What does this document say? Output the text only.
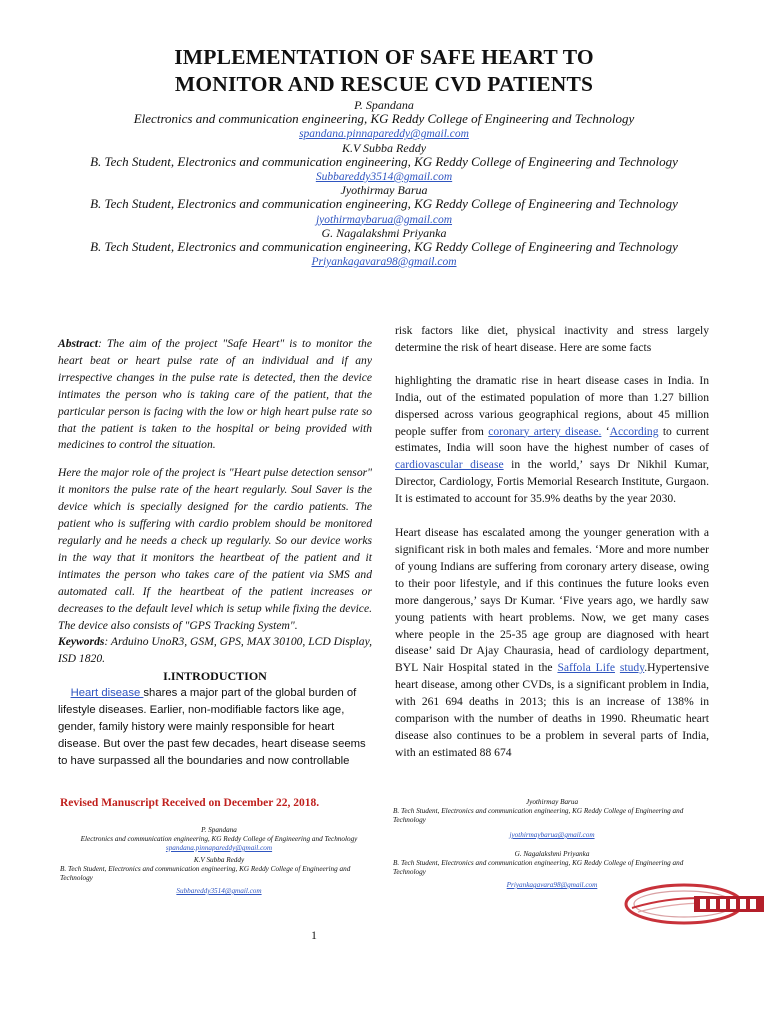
IMPLEMENTATION OF SAFE HEART TO
MONITOR AND RESCUE CVD PATIENTS
P. Spandana
Electronics and communication engineering, KG Reddy College of Engineering and Technology
spandana.pinnapareddy@gmail.com
K.V Subba Reddy
B. Tech Student, Electronics and communication engineering, KG Reddy College of Engineering and Technology
Subbareddy3514@gmail.com
Jyothirmay Barua
B. Tech Student, Electronics and communication engineering, KG Reddy College of Engineering and Technology
jyothirmaybarua@gmail.com
G. Nagalakshmi Priyanka
B. Tech Student, Electronics and communication engineering, KG Reddy College of Engineering and Technology
Priyankagavara98@gmail.com

Abstract: The aim of the project "Safe Heart" is to monitor the heart beat or heart pulse rate of an individual and if any irrespective changes in the pulse rate is detected, then the device intimates the person who is taking care of the patient, that the particular person is facing with the low or high heart pulse rate so that the patient is taken to the hospital or being provided with medicines to control the situation.

Here the major role of the project is "Heart pulse detection sensor" it monitors the pulse rate of the heart regularly. Soul Saver is the device which is specially designed for the cardio patients. The patient who is suffering with cardio problem should be monitored regularly and he needs a check up regularly. So our device works in the way that it monitors the heartbeat of the patient and it intimates the person who takes care of the patient via SMS and automated call. If the heartbeat of the patient increases or decreases to the default level which is setup while fixing the device. The device also consists of "GPS Tracking System".

Keywords: Arduino UnoR3, GSM, GPS, MAX 30100, LCD Display, ISD 1820.

I.INTRODUCTION

Heart disease shares a major part of the global burden of lifestyle diseases. Earlier, non-modifiable factors like age, gender, family history were mainly responsible for heart disease. But over the past few decades, heart disease seems to have surpassed all the boundaries and now controllable

risk factors like diet, physical inactivity and stress largely determine the risk of heart disease. Here are some facts

highlighting the dramatic rise in heart disease cases in India. In India, out of the estimated population of more than 1.27 billion dispersed across various geographical regions, about 45 million people suffer from coronary artery disease. ‘According to current estimates, India will soon have the highest number of cases of cardiovascular disease in the world,’ says Dr Nikhil Kumar, Director, Cardiology, Fortis Memorial Research Institute, Gurgaon. It is estimated to account for 35.9% deaths by the year 2030.

Heart disease has escalated among the younger generation with a significant risk in both males and females. ‘More and more number of young Indians are suffering from coronary artery disease, owing to their poor lifestyle, and if this continues the future looks even more dangerous,’ says Dr Kumar. ‘Five years ago, we hardly saw young patients with heart problems. Now, we get many cases where people in the 25-35 age group are diagnosed with heart disease’ said Dr Ajay Chaurasia, head of cardiology department, BYL Nair Hospital stated in the Saffola Life study.Hypertensive heart disease, among other CVDs, is a significant problem in India, with 261 694 deaths in 2013; this is an increase of 138% in comparison with the number of deaths in 1990. Rheumatic heart disease also continues to be a problem in several parts of India, with an estimated 88 674

Revised Manuscript Received on December 22, 2018.
P. Spandana
Electronics and communication engineering, KG Reddy College of Engineering and Technology
spandana.pinnapareddy@gmail.com
K.V Subba Reddy
B. Tech Student, Electronics and communication engineering, KG Reddy College of Engineering and Technology
Subbareddy3514@gmail.com
Jyothirmay Barua
B. Tech Student, Electronics and communication engineering, KG Reddy College of Engineering and Technology
jyothirmaybarua@gmail.com
G. Nagalakshmi Priyanka
B. Tech Student, Electronics and communication engineering, KG Reddy College of Engineering and Technology
Priyankagavara98@gmail.com
1
